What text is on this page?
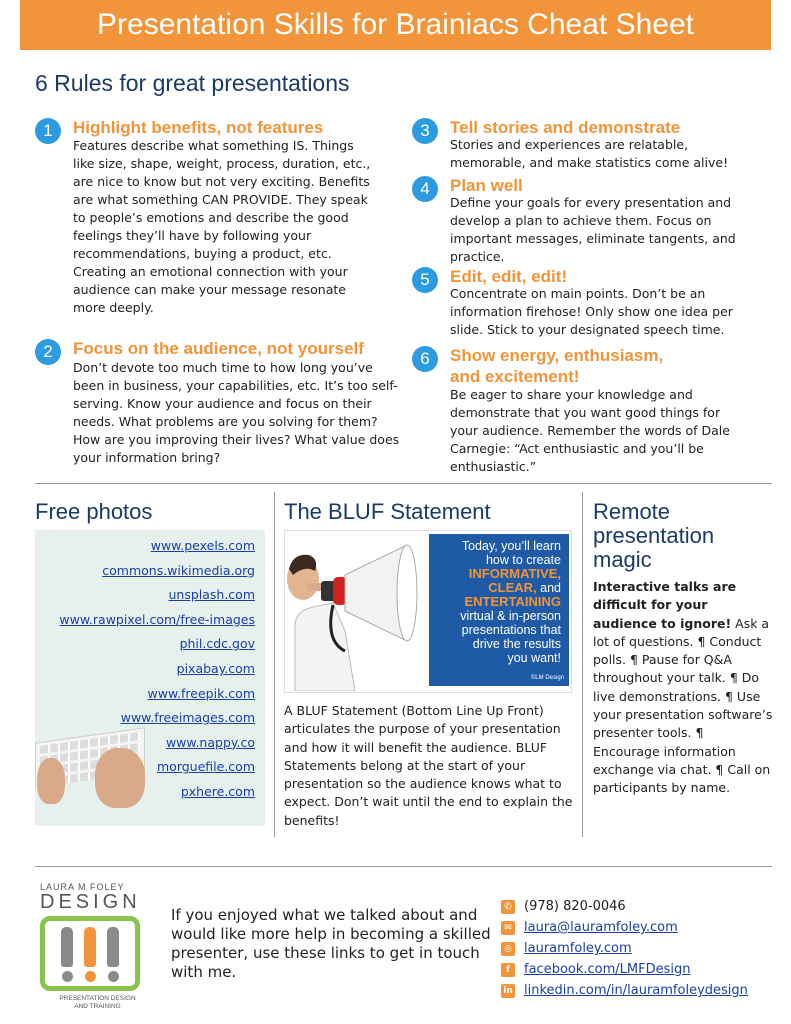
Presentation Skills for Brainiacs Cheat Sheet
6 Rules for great presentations
1	Highlight benefits, not features
Features describe what something IS. Things like size, shape, weight, process, duration, etc., are nice to know but not very exciting. Benefits are what something CAN PROVIDE. They speak to people’s emotions and describe the good feelings they’ll have by following your recommendations, buying a product, etc. Creating an emotional connection with your audience can make your message resonate more deeply.
2	Focus on the audience, not yourself
Don’t devote too much time to how long you’ve been in business, your capabilities, etc. It’s too self-serving. Know your audience and focus on their needs. What problems are you solving for them? How are you improving their lives? What value does your information bring?
3	Tell stories and demonstrate
Stories and experiences are relatable, memorable, and make statistics come alive!
4	Plan well
Define your goals for every presentation and develop a plan to achieve them. Focus on important messages, eliminate tangents, and practice.
5	Edit, edit, edit!
Concentrate on main points. Don’t be an information firehose! Only show one idea per slide. Stick to your designated speech time.
6	Show energy, enthusiasm,
and excitement!
Be eager to share your knowledge and demonstrate that you want good things for your audience. Remember the words of Dale Carnegie: “Act enthusiastic and you’ll be enthusiastic.”
Free photos
www.pexels.com
commons.wikimedia.org
unsplash.com
www.rawpixel.com/free-images
phil.cdc.gov
pixabay.com
www.freepik.com
www.freeimages.com
www.nappy.co
morguefile.com
pxhere.com
The BLUF Statement
Today, you’ll learn
how to create
INFORMATIVE,
CLEAR, and
ENTERTAINING
virtual & in-person
presentations that
drive the results
you want!
©LM Design
A BLUF Statement (Bottom Line Up Front) articulates the purpose of your presentation and how it will benefit the audience. BLUF Statements belong at the start of your presentation so the audience knows what to expect. Don’t wait until the end to explain the benefits!
Remote
presentation
magic
Interactive talks are difficult for your audience to ignore! Ask a lot of questions. ¶ Conduct polls. ¶ Pause for Q&A throughout your talk. ¶ Do live demonstrations. ¶ Use your presentation software’s presenter tools. ¶ Encourage information exchange via chat. ¶ Call on participants by name.
LAURA M FOLEY
DESIGN
PRESENTATION DESIGN
AND TRAINING
If you enjoyed what we talked about and would like more help in becoming a skilled presenter, use these links to get in touch with me.
✆ (978) 820-0046
✉ laura@lauramfoley.com
◎ lauramfoley.com
f	facebook.com/LMFDesign
in linkedin.com/in/lauramfoleydesign
